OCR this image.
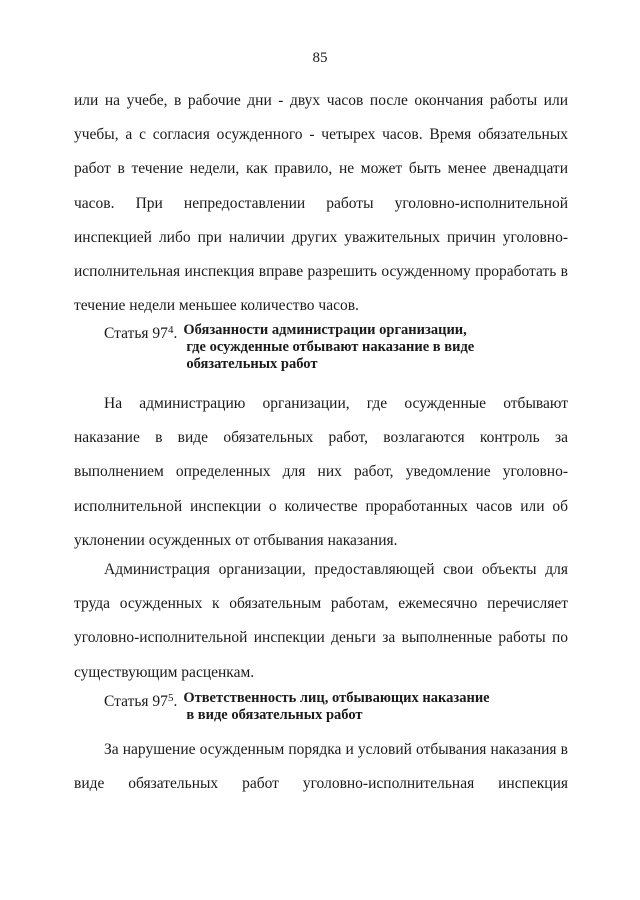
85
или на учебе, в рабочие дни - двух часов после окончания работы или учебы, а с согласия осужденного - четырех часов. Время обязательных работ в течение недели, как правило, не может быть менее двенадцати часов. При непредоставлении работы уголовно-исполнительной инспекцией либо при наличии других уважительных причин уголовно-исполнительная инспекция вправе разрешить осужденному проработать в течение недели меньшее количество часов.
Статья $97^4$. Обязанности администрации организации,
где осужденные отбывают наказание в виде
обязательных работ
На администрацию организации, где осужденные отбывают наказание в виде обязательных работ, возлагаются контроль за выполнением определенных для них работ, уведомление уголовно-исполнительной инспекции о количестве проработанных часов или об уклонении осужденных от отбывания наказания.
Администрация организации, предоставляющей свои объекты для труда осужденных к обязательным работам, ежемесячно перечисляет уголовно-исполнительной инспекции деньги за выполненные работы по существующим расценкам.
Статья $97^5$. Ответственность лиц, отбывающих наказание
в виде обязательных работ
За нарушение осужденным порядка и условий отбывания наказания в виде обязательных работ уголовно-исполнительная инспекция
